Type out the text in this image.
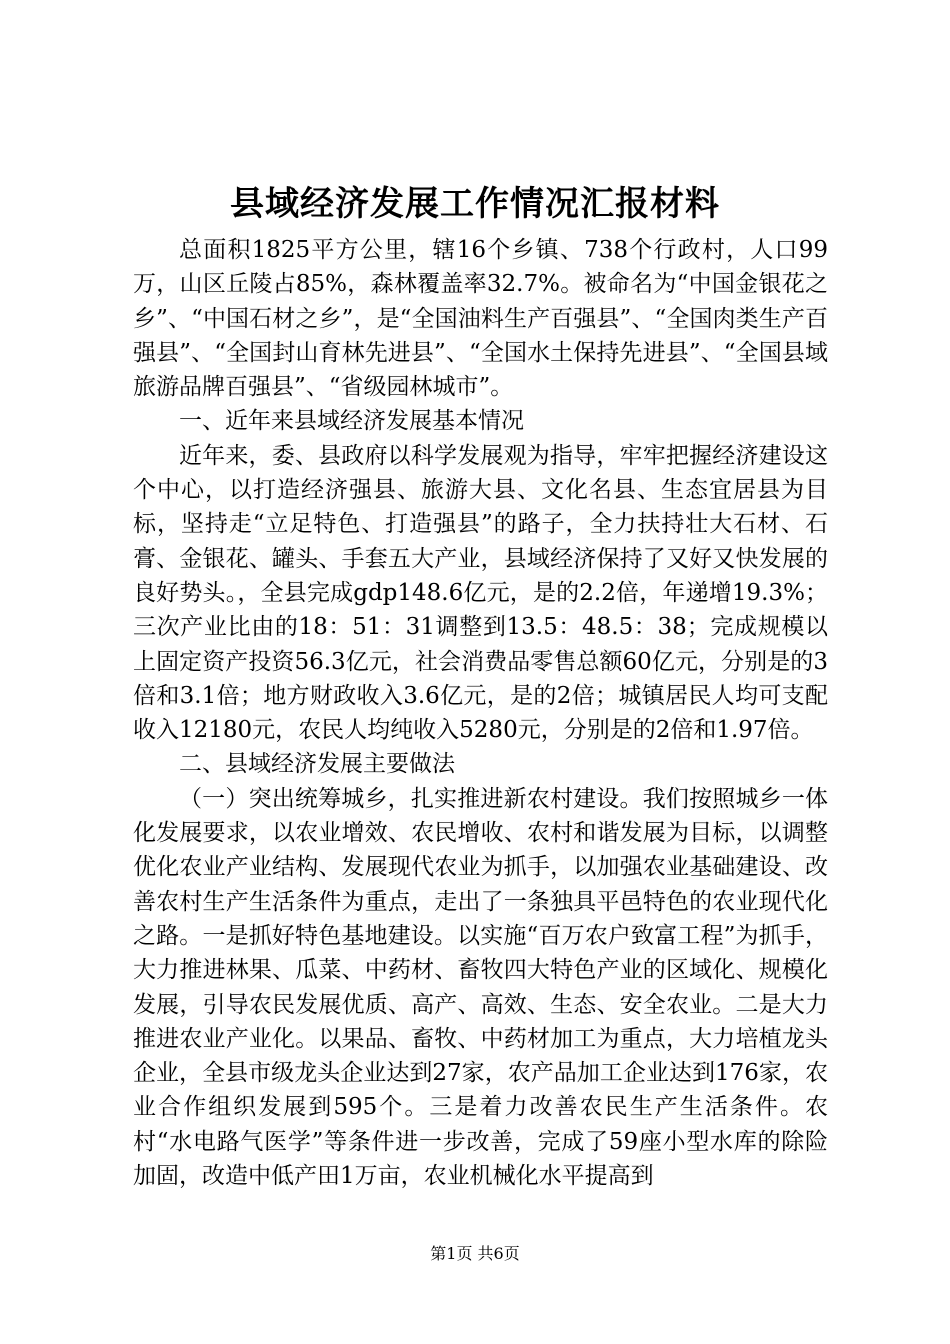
县域经济发展工作情况汇报材料

总面积1825平方公里，辖16个乡镇、738个行政村，人口99万，山区丘陵占85%，森林覆盖率32.7%。被命名为“中国金银花之乡”、“中国石材之乡”，是“全国油料生产百强县”、“全国肉类生产百强县”、“全国封山育林先进县”、“全国水土保持先进县”、“全国县域旅游品牌百强县”、“省级园林城市”。

一、近年来县域经济发展基本情况

近年来，委、县政府以科学发展观为指导，牢牢把握经济建设这个中心，以打造经济强县、旅游大县、文化名县、生态宜居县为目标，坚持走“立足特色、打造强县”的路子，全力扶持壮大石材、石膏、金银花、罐头、手套五大产业，县域经济保持了又好又快发展的良好势头。，全县完成gdp148.6亿元，是的2.2倍，年递增19.3%；三次产业比由的18：51：31调整到13.5：48.5：38；完成规模以上固定资产投资56.3亿元，社会消费品零售总额60亿元，分别是的3倍和3.1倍；地方财政收入3.6亿元，是的2倍；城镇居民人均可支配收入12180元，农民人均纯收入5280元，分别是的2倍和1.97倍。

二、县域经济发展主要做法

（一）突出统筹城乡，扎实推进新农村建设。我们按照城乡一体化发展要求，以农业增效、农民增收、农村和谐发展为目标，以调整优化农业产业结构、发展现代农业为抓手，以加强农业基础建设、改善农村生产生活条件为重点，走出了一条独具平邑特色的农业现代化之路。一是抓好特色基地建设。以实施“百万农户致富工程”为抓手，大力推进林果、瓜菜、中药材、畜牧四大特色产业的区域化、规模化发展，引导农民发展优质、高产、高效、生态、安全农业。二是大力推进农业产业化。以果品、畜牧、中药材加工为重点，大力培植龙头企业，全县市级龙头企业达到27家，农产品加工企业达到176家，农业合作组织发展到595个。三是着力改善农民生产生活条件。农村“水电路气医学”等条件进一步改善，完成了59座小型水库的除险加固，改造中低产田1万亩，农业机械化水平提高到

第1页 共6页
